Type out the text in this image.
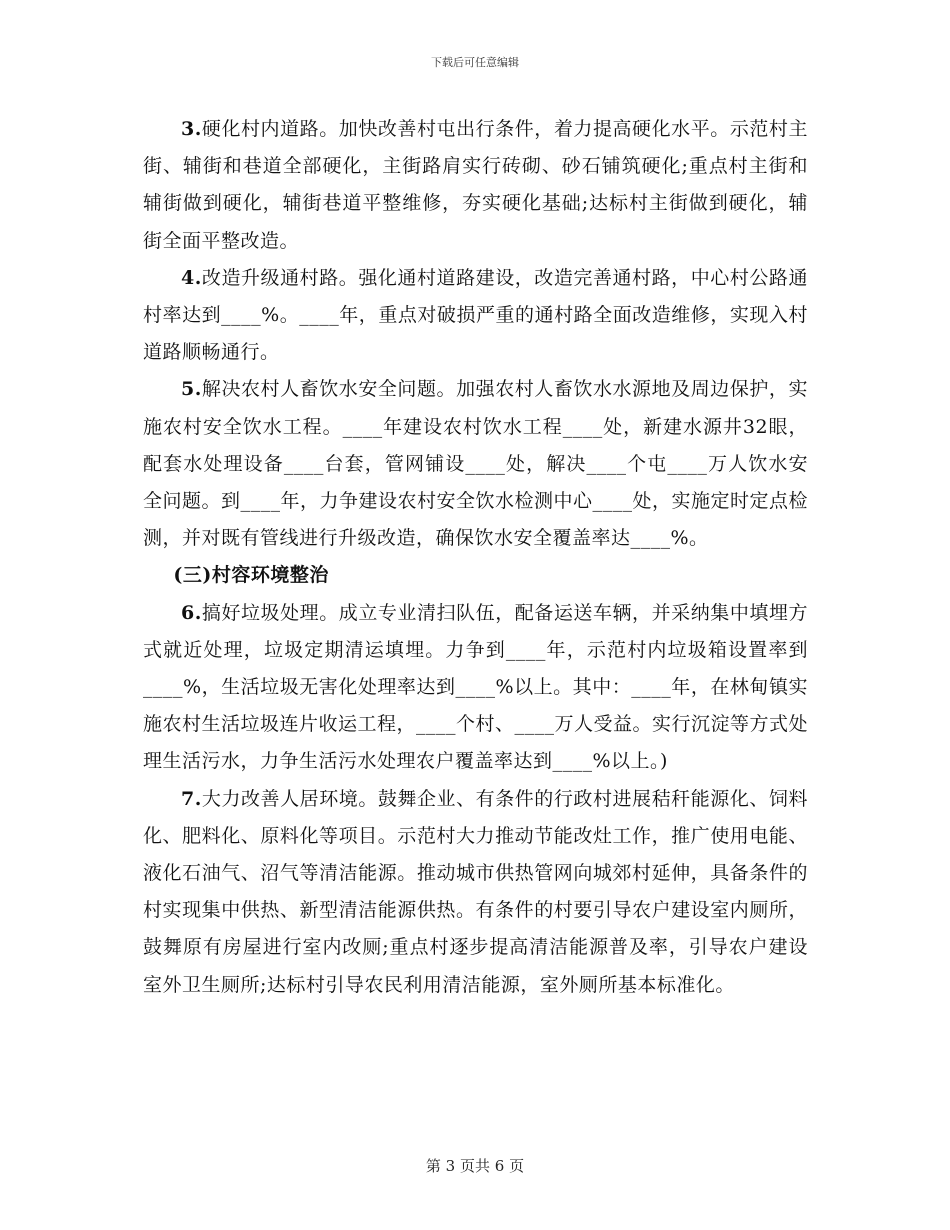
下载后可任意编辑

3.硬化村内道路。加快改善村屯出行条件，着力提高硬化水平。示范村主街、辅街和巷道全部硬化，主街路肩实行砖砌、砂石铺筑硬化;重点村主街和辅街做到硬化，辅街巷道平整维修，夯实硬化基础;达标村主街做到硬化，辅街全面平整改造。

4.改造升级通村路。强化通村道路建设，改造完善通村路，中心村公路通村率达到____%。____年，重点对破损严重的通村路全面改造维修，实现入村道路顺畅通行。

5.解决农村人畜饮水安全问题。加强农村人畜饮水水源地及周边保护，实施农村安全饮水工程。____年建设农村饮水工程____处，新建水源井32眼，配套水处理设备____台套，管网铺设____处，解决____个屯____万人饮水安全问题。到____年，力争建设农村安全饮水检测中心____处，实施定时定点检测，并对既有管线进行升级改造，确保饮水安全覆盖率达____%。

(三)村容环境整治

6.搞好垃圾处理。成立专业清扫队伍，配备运送车辆，并采纳集中填埋方式就近处理，垃圾定期清运填埋。力争到____年，示范村内垃圾箱设置率到____%，生活垃圾无害化处理率达到____%以上。其中：____年，在林甸镇实施农村生活垃圾连片收运工程，____个村、____万人受益。实行沉淀等方式处理生活污水，力争生活污水处理农户覆盖率达到____%以上。)

7.大力改善人居环境。鼓舞企业、有条件的行政村进展秸秆能源化、饲料化、肥料化、原料化等项目。示范村大力推动节能改灶工作，推广使用电能、液化石油气、沼气等清洁能源。推动城市供热管网向城郊村延伸，具备条件的村实现集中供热、新型清洁能源供热。有条件的村要引导农户建设室内厕所，鼓舞原有房屋进行室内改厕;重点村逐步提高清洁能源普及率，引导农户建设室外卫生厕所;达标村引导农民利用清洁能源，室外厕所基本标准化。

第 3 页共 6 页
